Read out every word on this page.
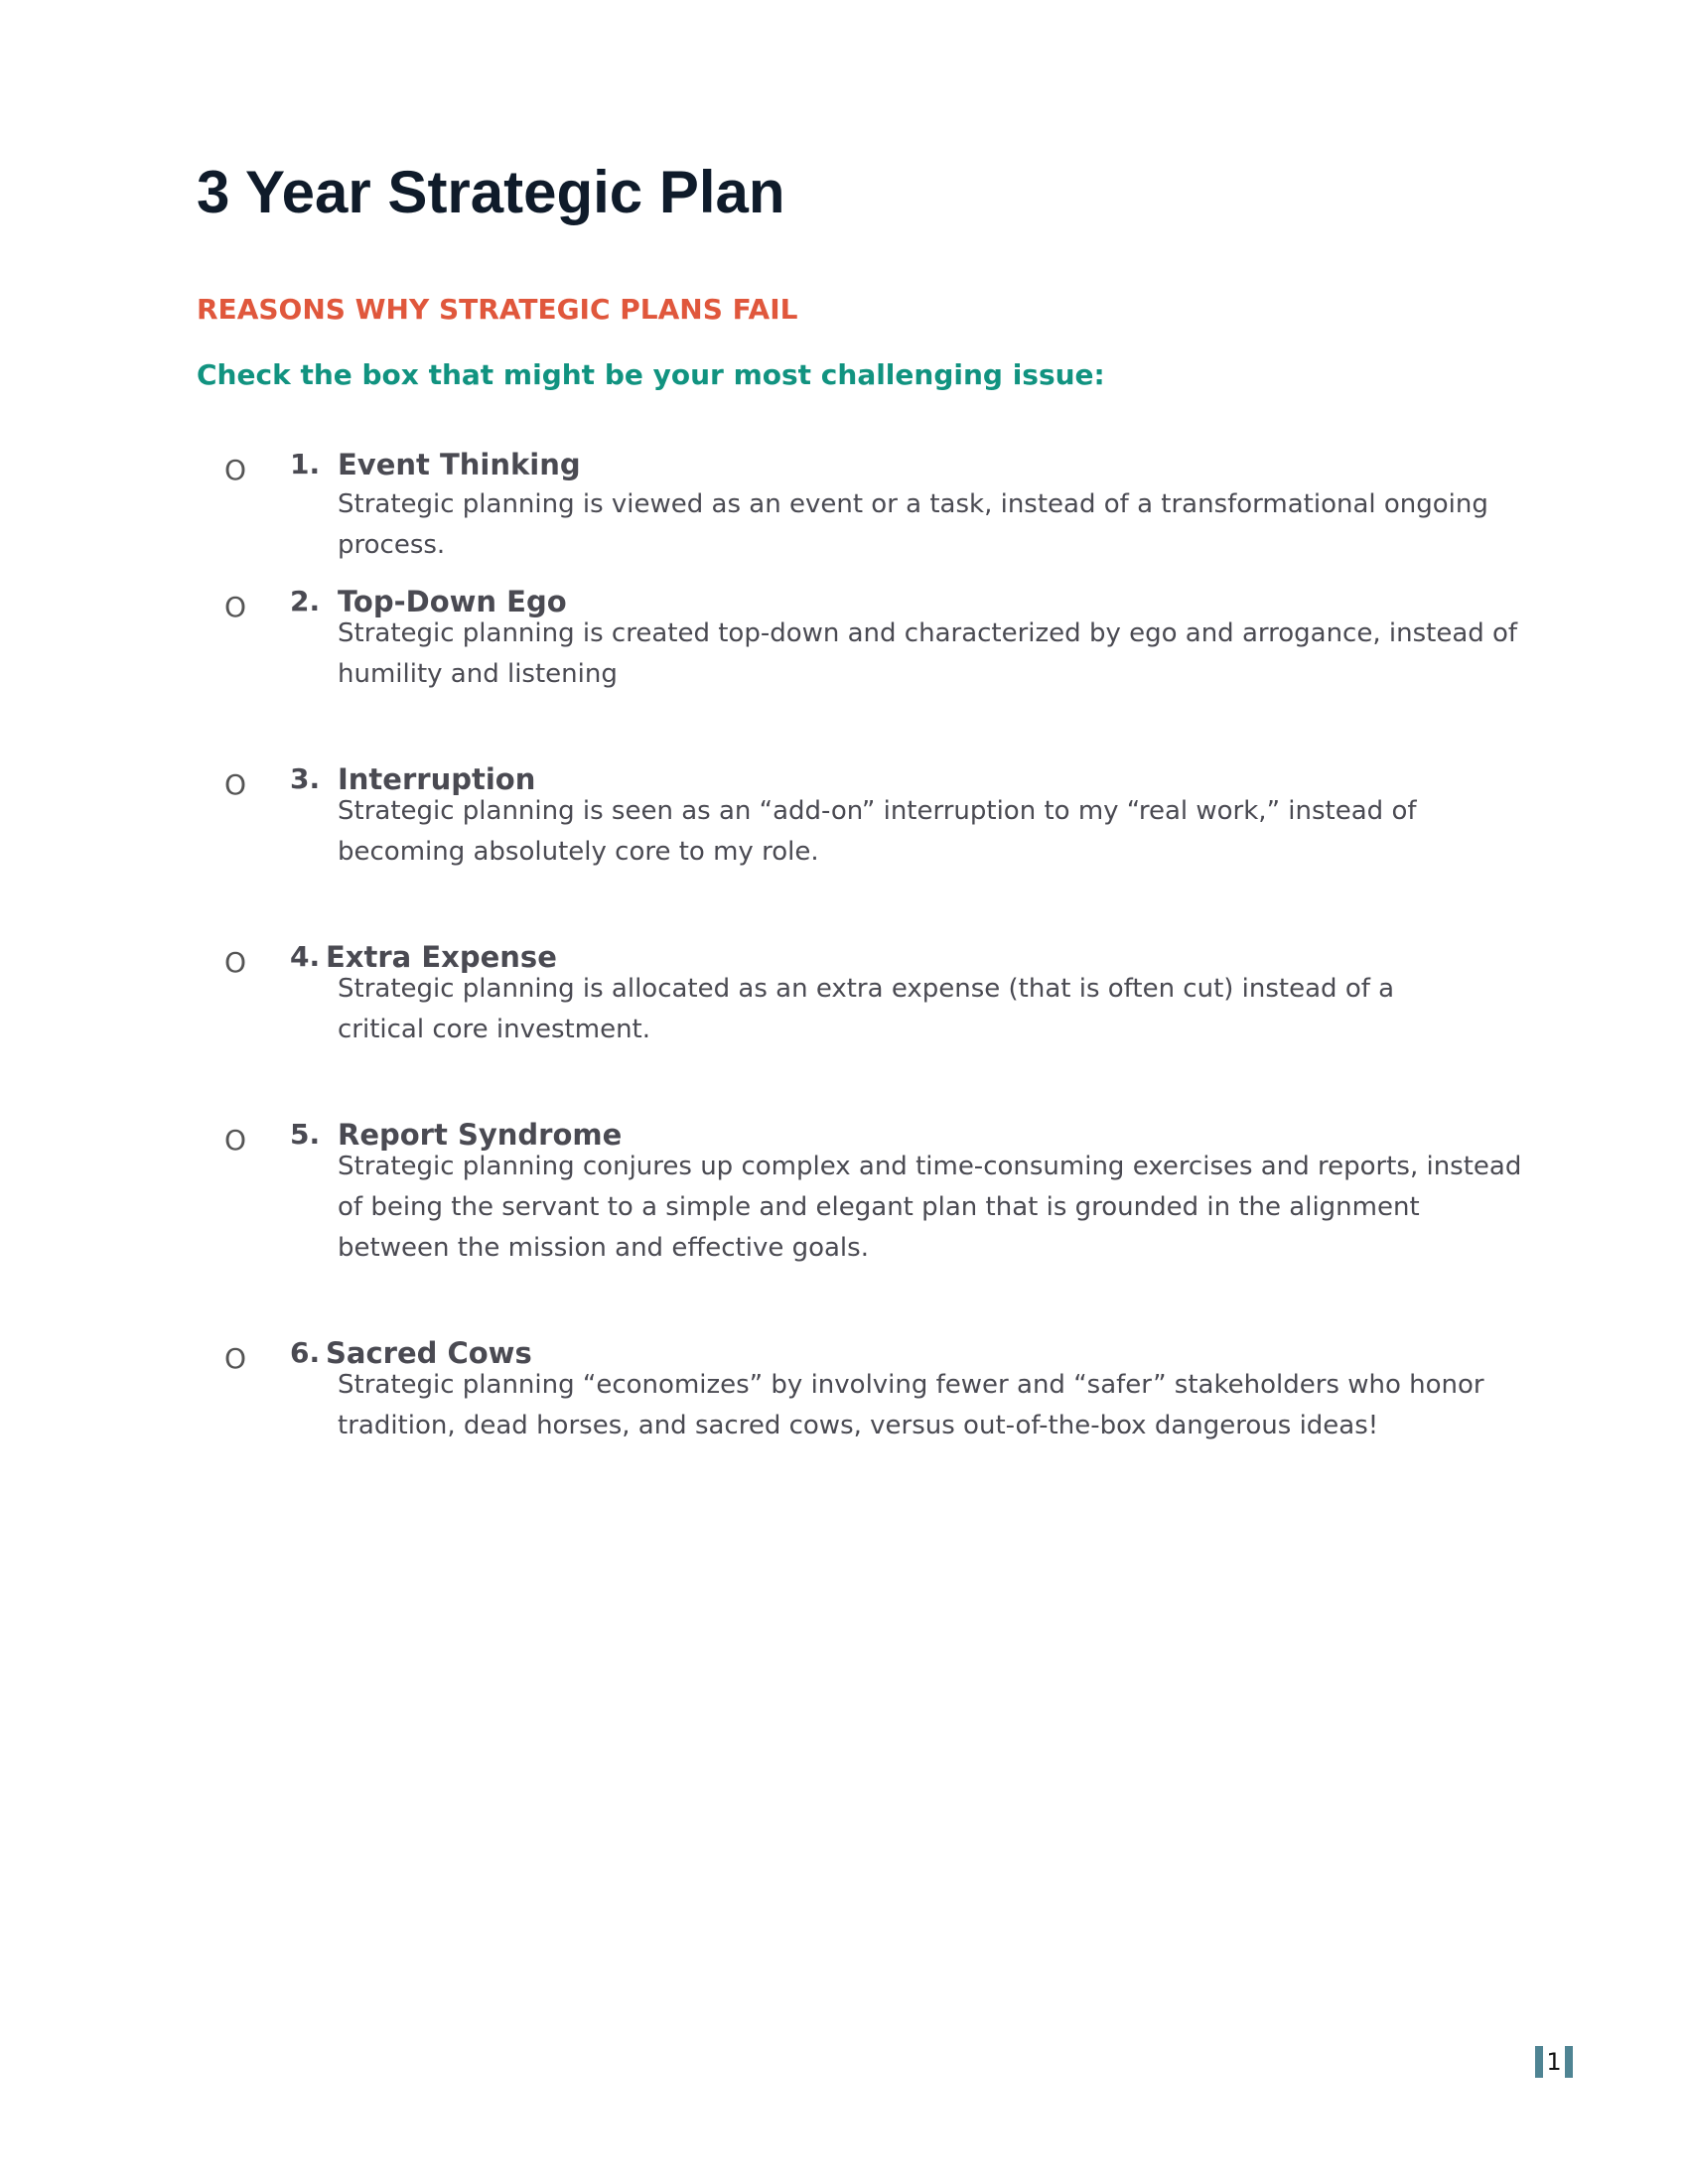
3 Year Strategic Plan
REASONS WHY STRATEGIC PLANS FAIL

Check the box that might be your most challenging issue:

O 1. Event Thinking

Strategic planning is viewed as an event or a task, instead of a transformational ongoing process.

O 2. Top-Down Ego

Strategic planning is created top-down and characterized by ego and arrogance, instead of humility and listening

O 3. Interruption

Strategic planning is seen as an “add-on” interruption to my “real work,” instead of becoming absolutely core to my role.

O 4. Extra Expense

Strategic planning is allocated as an extra expense (that is often cut) instead of a critical core investment.

O 5. Report Syndrome

Strategic planning conjures up complex and time-consuming exercises and reports, instead of being the servant to a simple and elegant plan that is grounded in the alignment between the mission and effective goals.

O 6. Sacred Cows

Strategic planning “economizes” by involving fewer and “safer” stakeholders who honor tradition, dead horses, and sacred cows, versus out-of-the-box dangerous ideas!

1
